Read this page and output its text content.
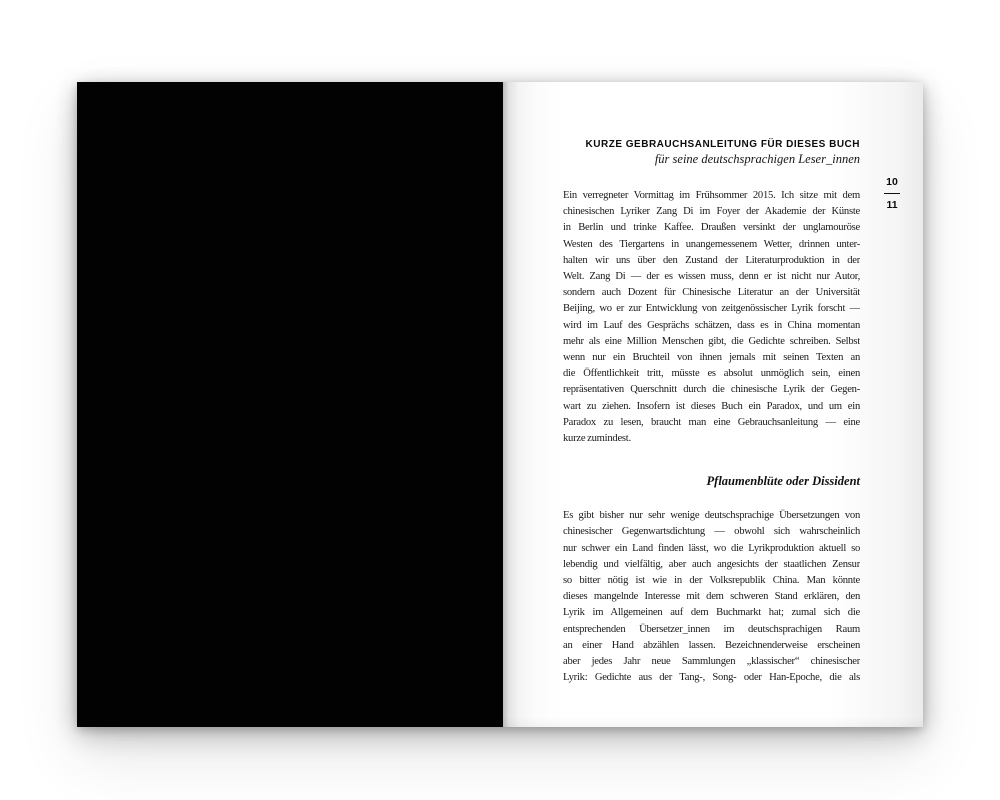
KURZE GEBRAUCHSANLEITUNG FÜR DIESES BUCH
für seine deutschsprachigen Leser_innen
Ein verregneter Vormittag im Frühsommer 2015. Ich sitze mit dem
chinesischen Lyriker Zang Di im Foyer der Akademie der Künste
in Berlin und trinke Kaffee. Draußen versinkt der unglamouröse
Westen des Tiergartens in unangemessenem Wetter, drinnen unter-
halten wir uns über den Zustand der Literaturproduktion in der
Welt. Zang Di — der es wissen muss, denn er ist nicht nur Autor,
sondern auch Dozent für Chinesische Literatur an der Universität
Beijing, wo er zur Entwicklung von zeitgenössischer Lyrik forscht —
wird im Lauf des Gesprächs schätzen, dass es in China momentan
mehr als eine Million Menschen gibt, die Gedichte schreiben. Selbst
wenn nur ein Bruchteil von ihnen jemals mit seinen Texten an
die Öffentlichkeit tritt, müsste es absolut unmöglich sein, einen
repräsentativen Querschnitt durch die chinesische Lyrik der Gegen-
wart zu ziehen. Insofern ist dieses Buch ein Paradox, und um ein
Paradox zu lesen, braucht man eine Gebrauchsanleitung — eine
kurze zumindest.
Pflaumenblüte oder Dissident
Es gibt bisher nur sehr wenige deutschsprachige Übersetzungen von
chinesischer Gegenwartsdichtung — obwohl sich wahrscheinlich
nur schwer ein Land finden lässt, wo die Lyrikproduktion aktuell so
lebendig und vielfältig, aber auch angesichts der staatlichen Zensur
so bitter nötig ist wie in der Volksrepublik China. Man könnte
dieses mangelnde Interesse mit dem schweren Stand erklären, den
Lyrik im Allgemeinen auf dem Buchmarkt hat; zumal sich die
entsprechenden Übersetzer_innen im deutschsprachigen Raum
an einer Hand abzählen lassen. Bezeichnenderweise erscheinen
aber jedes Jahr neue Sammlungen „klassischer“ chinesischer
Lyrik: Gedichte aus der Tang-, Song- oder Han-Epoche, die als
10
11
